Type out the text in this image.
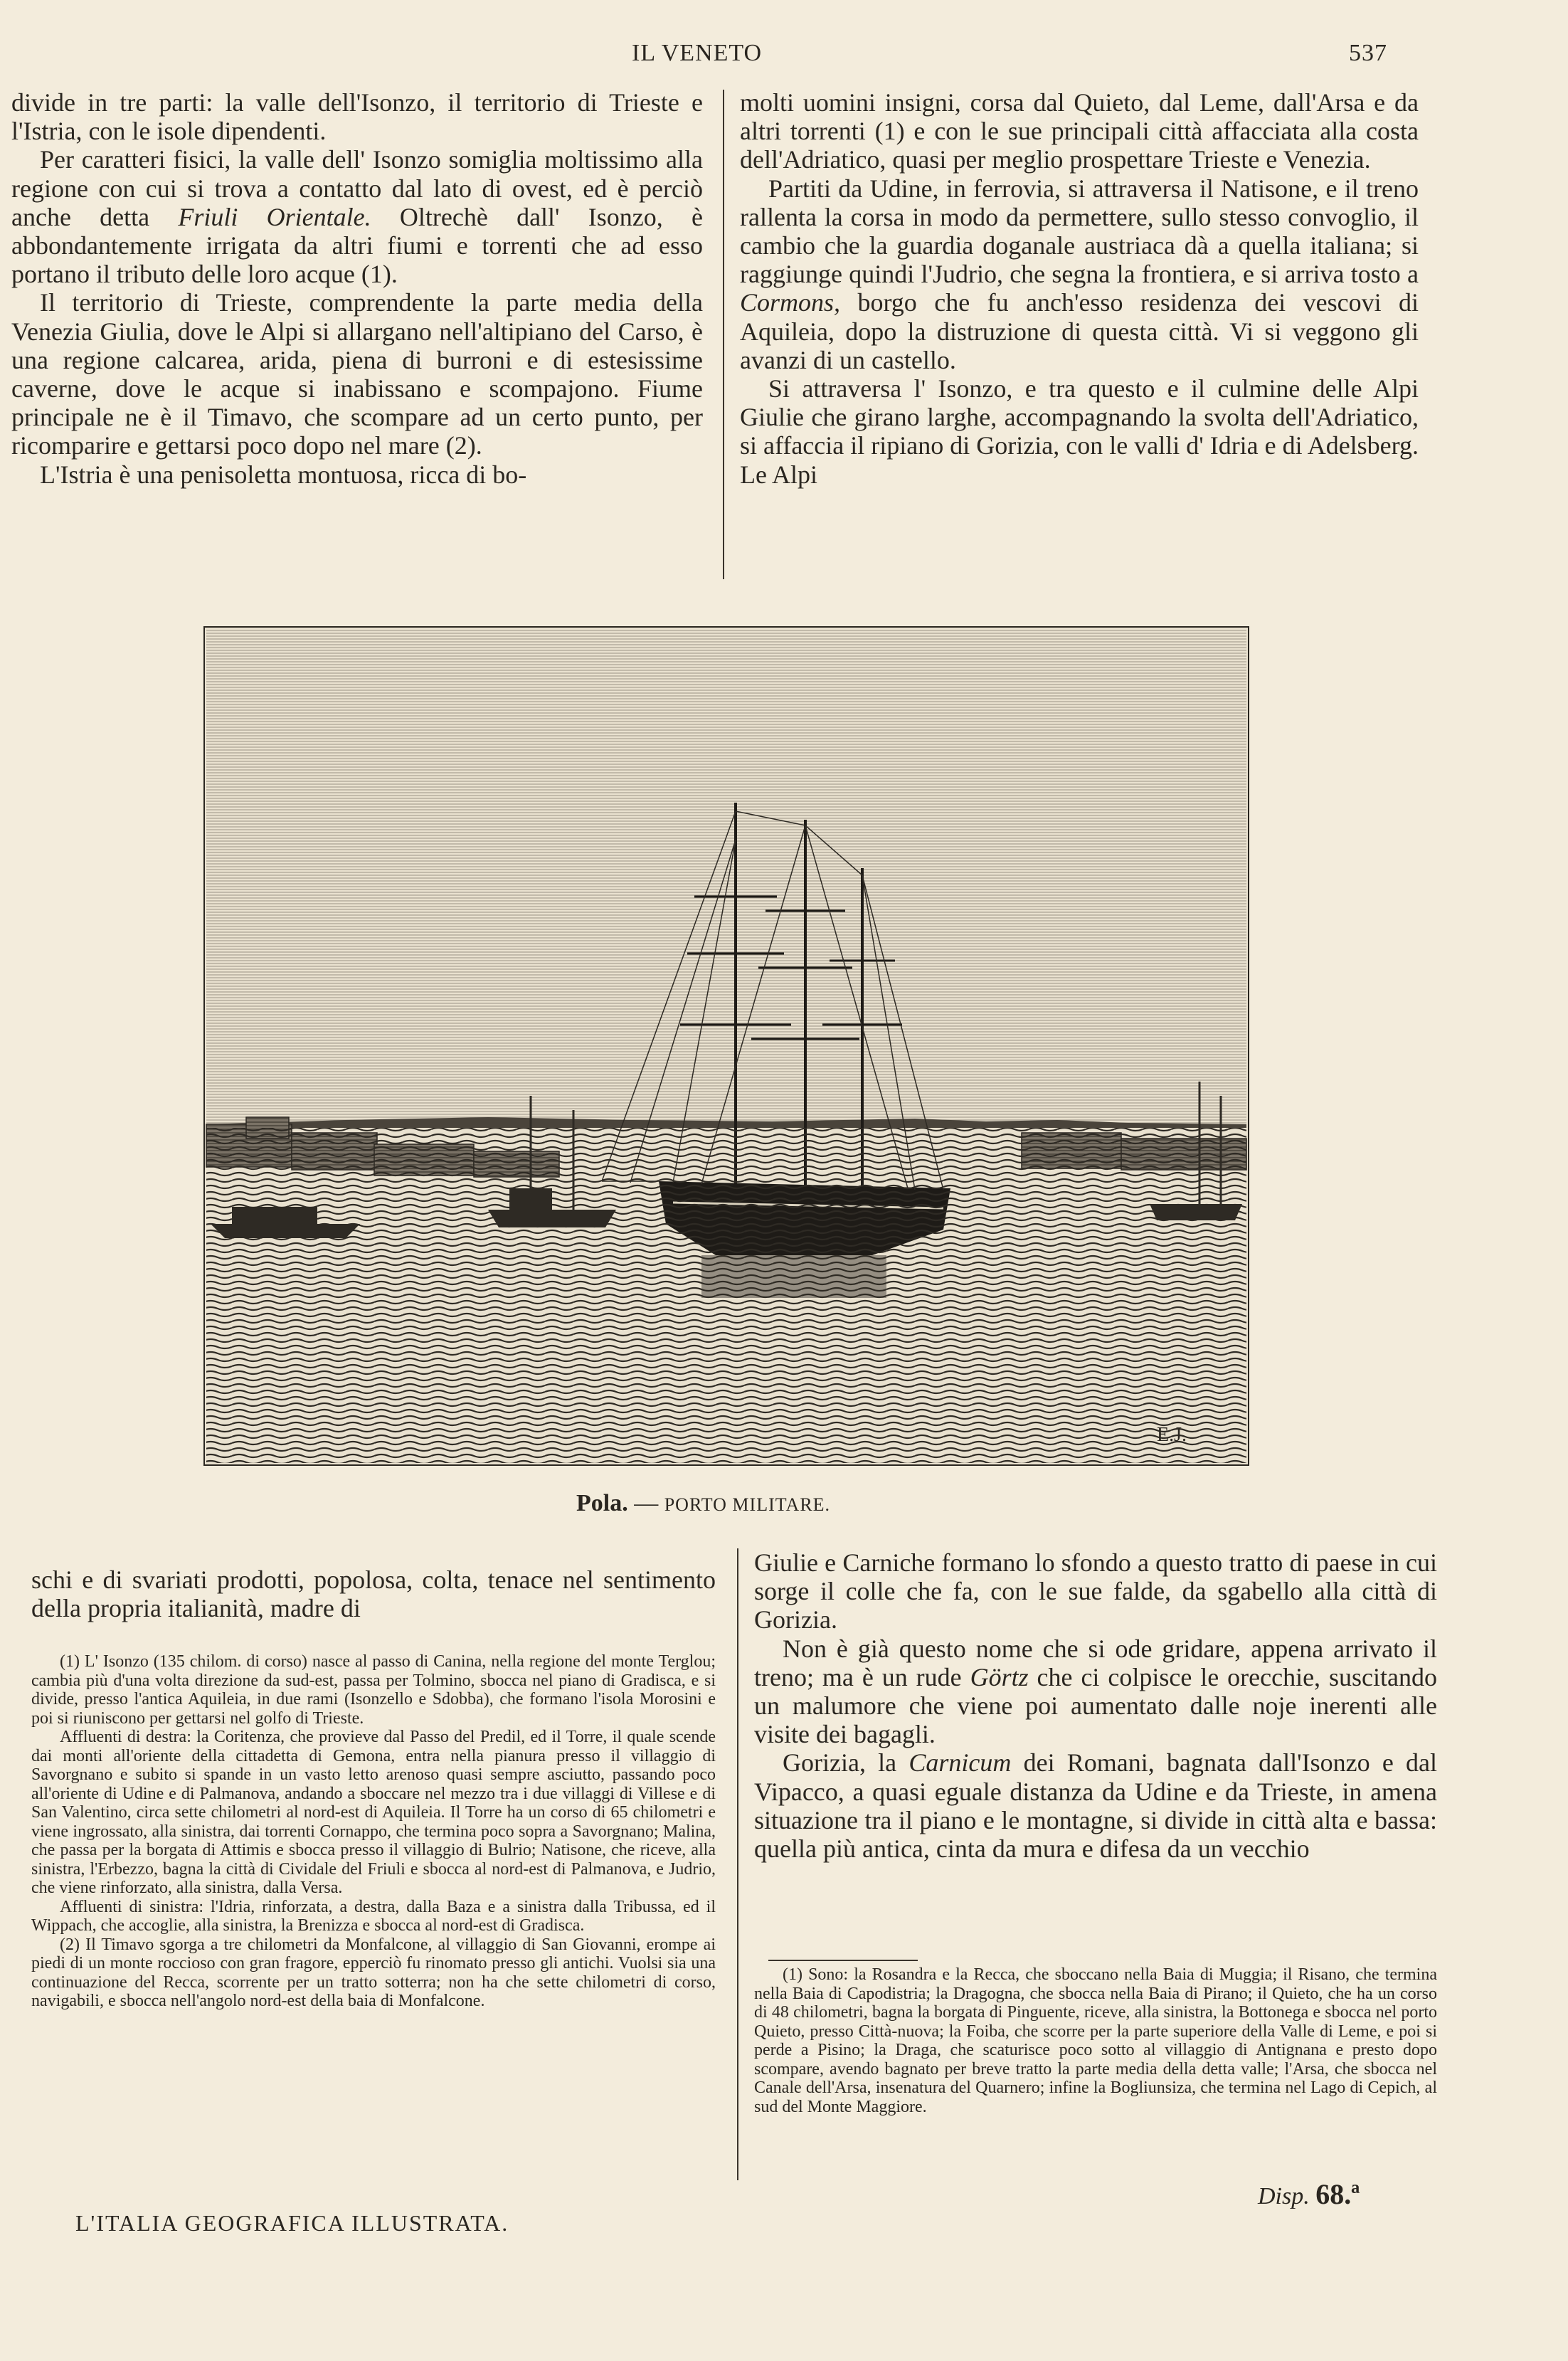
IL VENETO	537

divide in tre parti: la valle dell'Isonzo, il territorio di Trieste e l'Istria, con le isole dipendenti.

Per caratteri fisici, la valle dell' Isonzo somiglia moltissimo alla regione con cui si trova a contatto dal lato di ovest, ed è perciò anche detta Friuli Orientale. Oltrechè dall' Isonzo, è abbondantemente irrigata da altri fiumi e torrenti che ad esso portano il tributo delle loro acque (1).

Il territorio di Trieste, comprendente la parte media della Venezia Giulia, dove le Alpi si allargano nell'altipiano del Carso, è una regione calcarea, arida, piena di burroni e di estesissime caverne, dove le acque si inabissano e scompajono. Fiume principale ne è il Timavo, che scompare ad un certo punto, per ricomparire e gettarsi poco dopo nel mare (2).

L'Istria è una penisoletta montuosa, ricca di bo-

molti uomini insigni, corsa dal Quieto, dal Leme, dall'Arsa e da altri torrenti (1) e con le sue principali città affacciata alla costa dell'Adriatico, quasi per meglio prospettare Trieste e Venezia.

Partiti da Udine, in ferrovia, si attraversa il Natisone, e il treno rallenta la corsa in modo da permettere, sullo stesso convoglio, il cambio che la guardia doganale austriaca dà a quella italiana; si raggiunge quindi l'Judrio, che segna la frontiera, e si arriva tosto a Cormons, borgo che fu anch'esso residenza dei vescovi di Aquileia, dopo la distruzione di questa città. Vi si veggono gli avanzi di un castello.

Si attraversa l' Isonzo, e tra questo e il culmine delle Alpi Giulie che girano larghe, accompagnando la svolta dell'Adriatico, si affaccia il ripiano di Gorizia, con le valli d' Idria e di Adelsberg. Le Alpi

E.J.
Pola. — PORTO MILITARE.

schi e di svariati prodotti, popolosa, colta, tenace nel sentimento della propria italianità, madre di

(1) L' Isonzo (135 chilom. di corso) nasce al passo di Canina, nella regione del monte Terglou; cambia più d'una volta direzione da sud-est, passa per Tolmino, sbocca nel piano di Gradisca, e si divide, presso l'antica Aquileia, in due rami (Isonzello e Sdobba), che formano l'isola Morosini e poi si riuniscono per gettarsi nel golfo di Trieste.

Affluenti di destra: la Coritenza, che provieve dal Passo del Predil, ed il Torre, il quale scende dai monti all'oriente della cittadetta di Gemona, entra nella pianura presso il villaggio di Savorgnano e subito si spande in un vasto letto arenoso quasi sempre asciutto, passando poco all'oriente di Udine e di Palmanova, andando a sboccare nel mezzo tra i due villaggi di Villese e di San Valentino, circa sette chilometri al nord-est di Aquileia. Il Torre ha un corso di 65 chilometri e viene ingrossato, alla sinistra, dai torrenti Cornappo, che termina poco sopra a Savorgnano; Malina, che passa per la borgata di Attimis e sbocca presso il villaggio di Bulrio; Natisone, che riceve, alla sinistra, l'Erbezzo, bagna la città di Cividale del Friuli e sbocca al nord-est di Palmanova, e Judrio, che viene rinforzato, alla sinistra, dalla Versa.

Affluenti di sinistra: l'Idria, rinforzata, a destra, dalla Baza e a sinistra dalla Tribussa, ed il Wippach, che accoglie, alla sinistra, la Brenizza e sbocca al nord-est di Gradisca.

(2) Il Timavo sgorga a tre chilometri da Monfalcone, al villaggio di San Giovanni, erompe ai piedi di un monte roccioso con gran fragore, epperciò fu rinomato presso gli antichi. Vuolsi sia una continuazione del Recca, scorrente per un tratto sotterra; non ha che sette chilometri di corso, navigabili, e sbocca nell'angolo nord-est della baia di Monfalcone.

Giulie e Carniche formano lo sfondo a questo tratto di paese in cui sorge il colle che fa, con le sue falde, da sgabello alla città di Gorizia.

Non è già questo nome che si ode gridare, appena arrivato il treno; ma è un rude Görtz che ci colpisce le orecchie, suscitando un malumore che viene poi aumentato dalle noje inerenti alle visite dei bagagli.

Gorizia, la Carnicum dei Romani, bagnata dall'Isonzo e dal Vipacco, a quasi eguale distanza da Udine e da Trieste, in amena situazione tra il piano e le montagne, si divide in città alta e bassa: quella più antica, cinta da mura e difesa da un vecchio

(1) Sono: la Rosandra e la Recca, che sboccano nella Baia di Muggia; il Risano, che termina nella Baia di Capodistria; la Dragogna, che sbocca nella Baia di Pirano; il Quieto, che ha un corso di 48 chilometri, bagna la borgata di Pinguente, riceve, alla sinistra, la Bottonega e sbocca nel porto Quieto, presso Città-nuova; la Foiba, che scorre per la parte superiore della Valle di Leme, e poi si perde a Pisino; la Draga, che scaturisce poco sotto al villaggio di Antignana e presto dopo scompare, avendo bagnato per breve tratto la parte media della detta valle; l'Arsa, che sbocca nel Canale dell'Arsa, insenatura del Quarnero; infine la Bogliunsiza, che termina nel Lago di Cepich, al sud del Monte Maggiore.

L'ITALIA GEOGRAFICA ILLUSTRATA.
Disp. 68.ª
